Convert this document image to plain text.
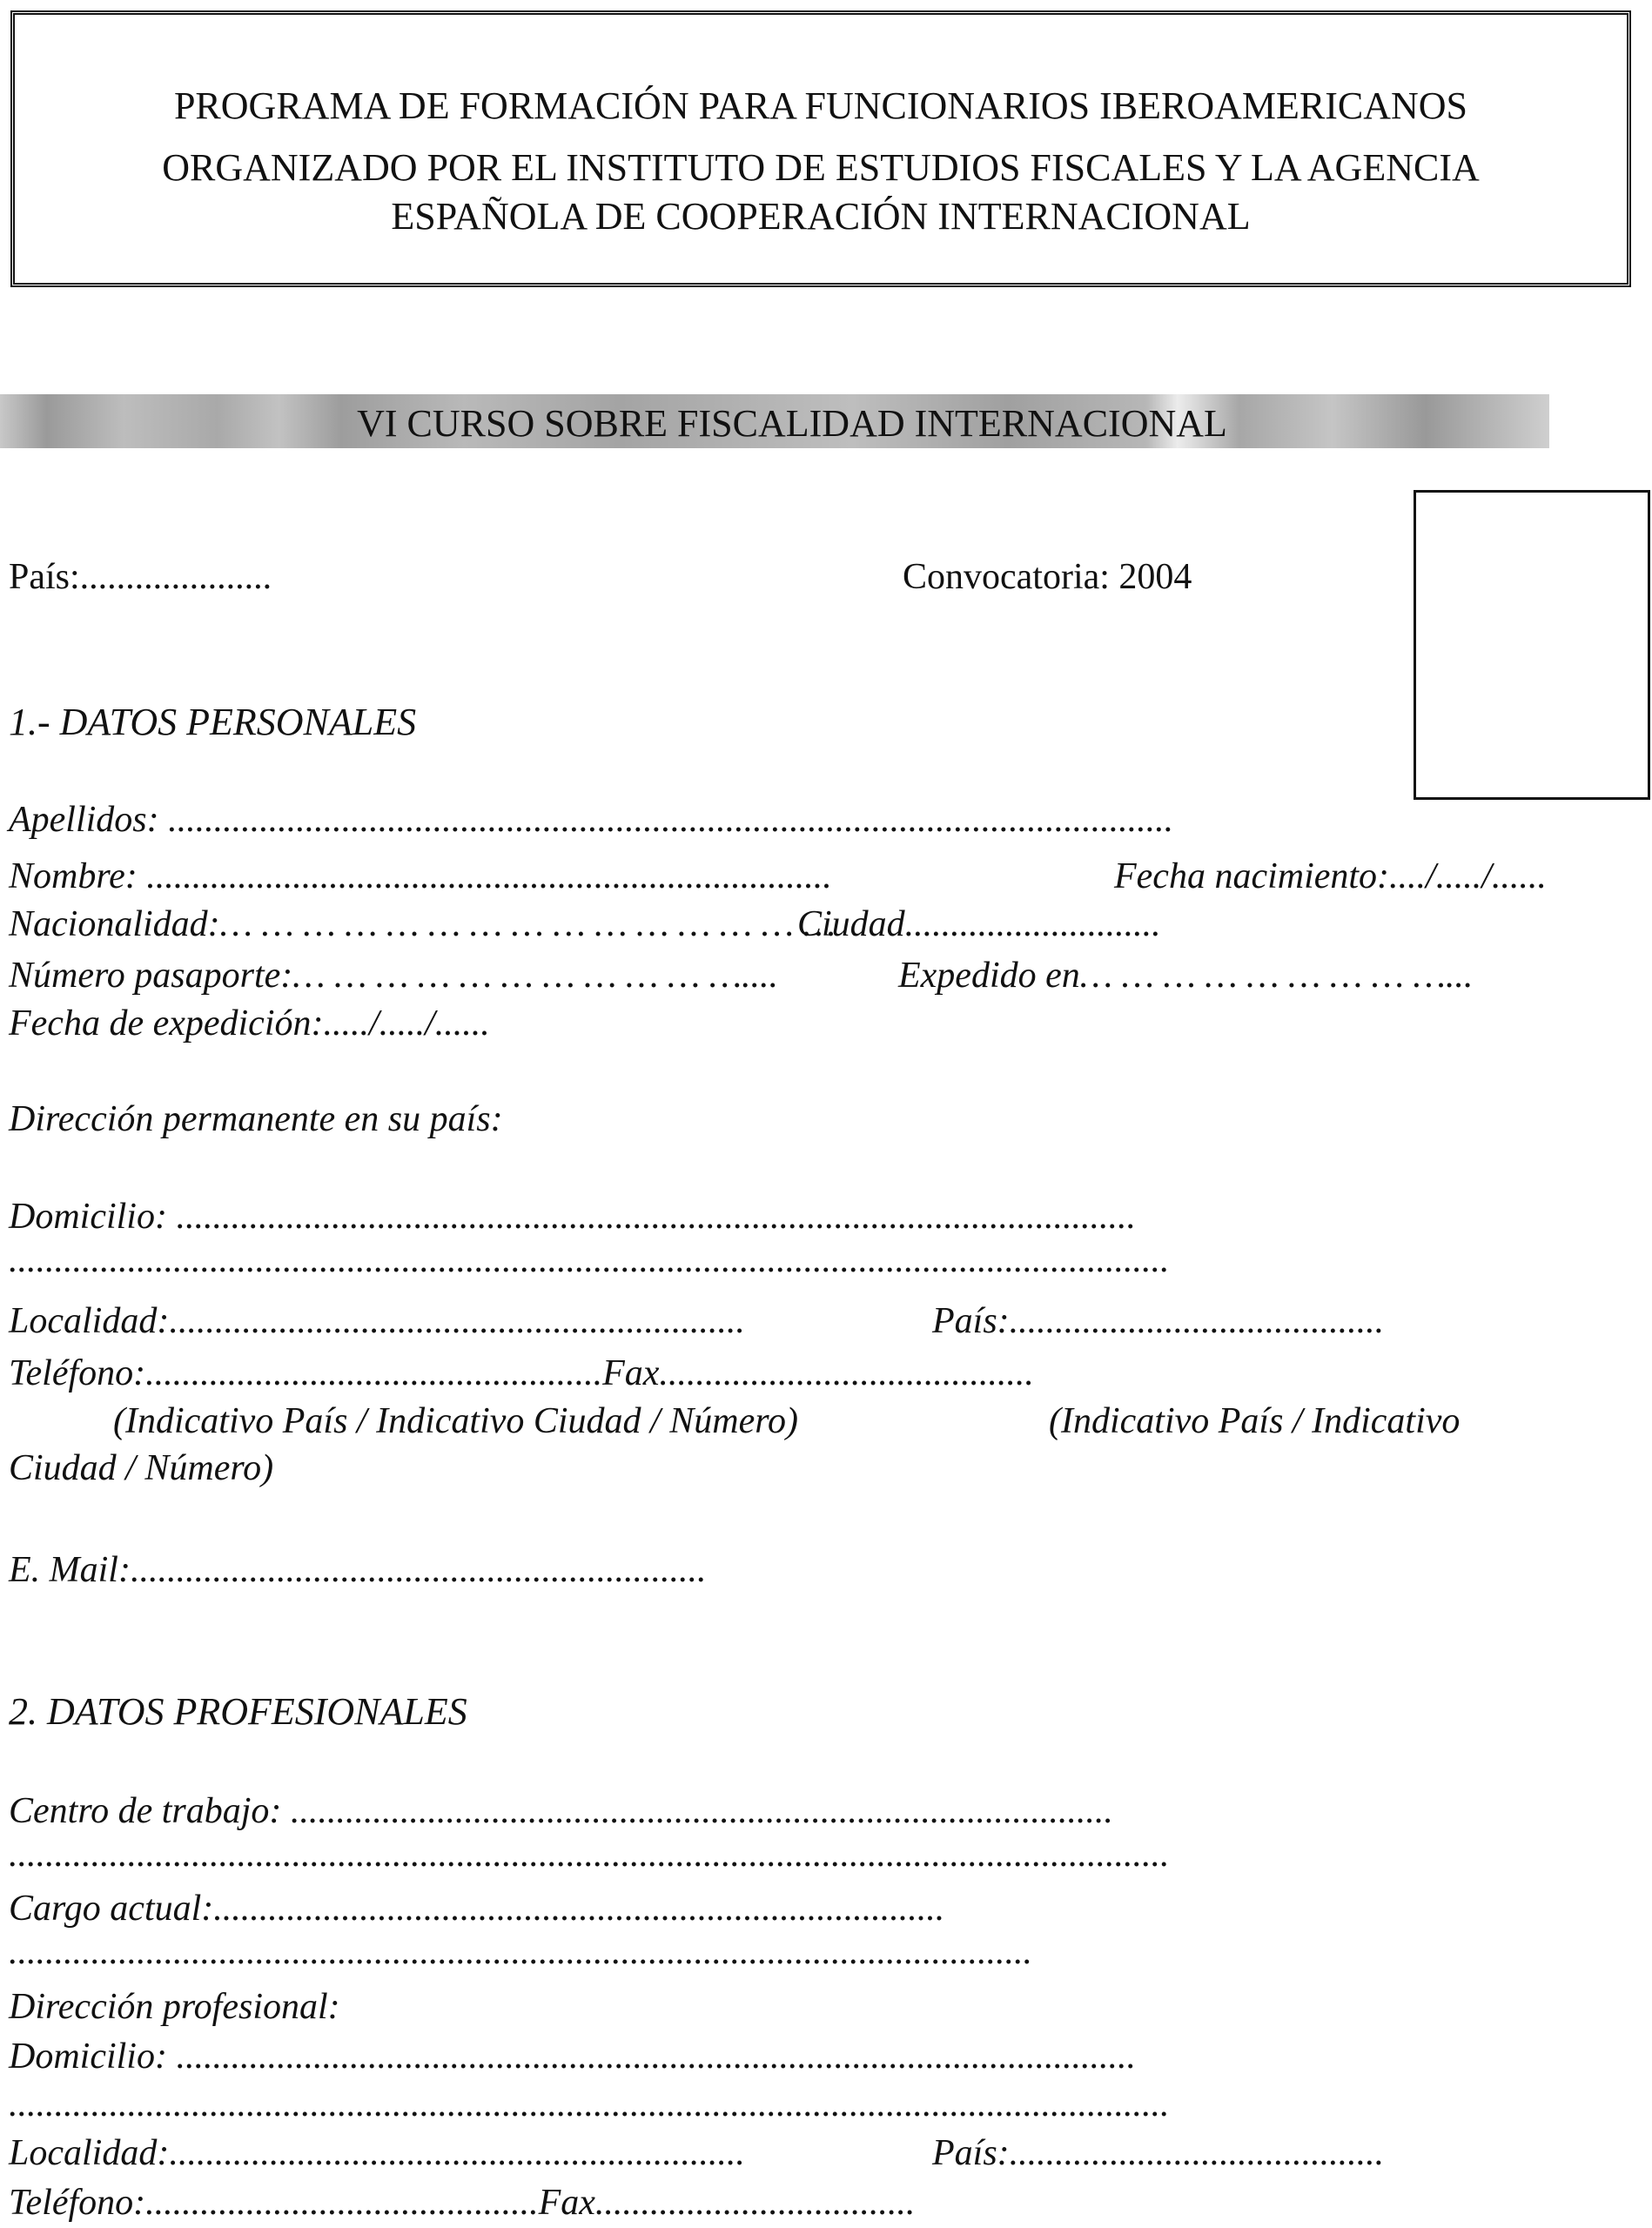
PROGRAMA DE FORMACIÓN PARA FUNCIONARIOS IBEROAMERICANOS
ORGANIZADO POR EL INSTITUTO DE ESTUDIOS FISCALES Y LA AGENCIA
ESPAÑOLA DE COOPERACIÓN INTERNACIONAL
VI CURSO SOBRE FISCALIDAD INTERNACIONAL
País:.....................	Convocatoria: 2004
1.- DATOS PERSONALES
Apellidos: ..............................................................................................................
Nombre: ...........................................................................	Fecha nacimiento:..../...../......
Nacionalidad:… … … … … … … … … … … … … … …
Ciudad............................
Número pasaporte:… … … … … … … … … … …....	Expedido en… … … … … … … … …...
Fecha de expedición:...../...../......
Dirección permanente en su país:
Domicilio: .........................................................................................................
...............................................................................................................................
Localidad:...............................................................	País:.........................................
Teléfono:..................................................Fax.........................................
(Indicativo País / Indicativo Ciudad / Número)	(Indicativo País / Indicativo
Ciudad / Número)
E. Mail:...............................................................
2. DATOS PROFESIONALES
Centro de trabajo: ..........................................................................................
...............................................................................................................................
Cargo actual:................................................................................
................................................................................................................
Dirección profesional:
Domicilio: .........................................................................................................
...............................................................................................................................
Localidad:...............................................................	País:.........................................
Teléfono:...........................................Fax...................................
